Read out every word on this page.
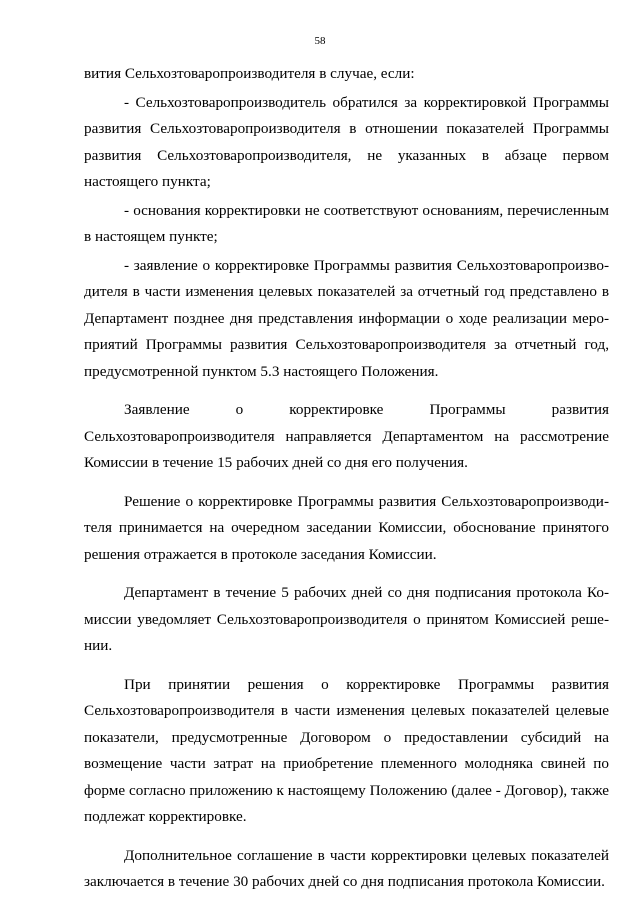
58

вития Сельхозтоваропроизводителя в случае, если:

- Сельхозтоваропроизводитель обратился за корректировкой Программы развития Сельхозтоваропроизводителя в отношении показателей Программы развития Сельхозтоваропроизводителя, не указанных в абзаце первом настоящего пункта;

- основания корректировки не соответствуют основаниям, перечисленным в настоящем пункте;

- заявление о корректировке Программы развития Сельхозтоваропроизводителя в части изменения целевых показателей за отчетный год представлено в Департамент позднее дня представления информации о ходе реализации мероприятий Программы развития Сельхозтоваропроизводителя за отчетный год, предусмотренной пунктом 5.3 настоящего Положения.

Заявление о корректировке Программы развития Сельхозтоваропроизводителя направляется Департаментом на рассмотрение Комиссии в течение 15 рабочих дней со дня его получения.

Решение о корректировке Программы развития Сельхозтоваропроизводителя принимается на очередном заседании Комиссии, обоснование принятого решения отражается в протоколе заседания Комиссии.

Департамент в течение 5 рабочих дней со дня подписания протокола Комиссии уведомляет Сельхозтоваропроизводителя о принятом Комиссией решении.

При принятии решения о корректировке Программы развития Сельхозтоваропроизводителя в части изменения целевых показателей целевые показатели, предусмотренные Договором о предоставлении субсидий на возмещение части затрат на приобретение племенного молодняка свиней по форме согласно приложению к настоящему Положению (далее - Договор), также подлежат корректировке.

Дополнительное соглашение в части корректировки целевых показателей заключается в течение 30 рабочих дней со дня подписания протокола Комиссии.
